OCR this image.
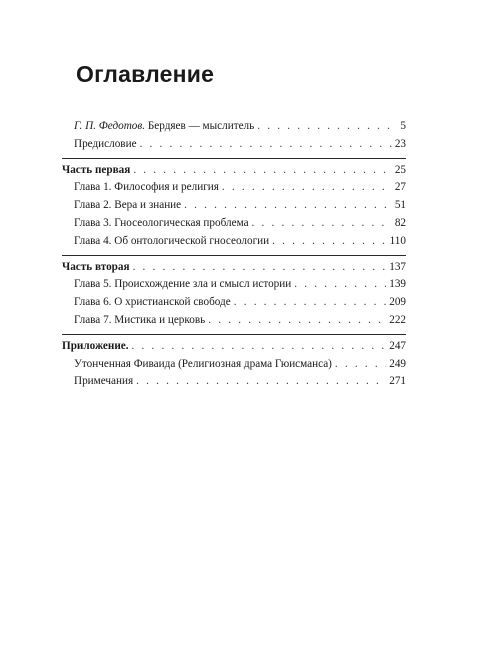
Оглавление
Г. П. Федотов. Бердяев — мыслитель . . .	5
Предисловие . . .	23
Часть первая . . .	25
Глава 1. Философия и религия . . .	27
Глава 2. Вера и знание . . .	51
Глава 3. Гносеологическая проблема . . .	82
Глава 4. Об онтологической гносеологии . . .	110
Часть вторая . . .	137
Глава 5. Происхождение зла и смысл истории . . .	139
Глава 6. О христианской свободе . . .	209
Глава 7. Мистика и церковь . . .	222
Приложение. . . .	247
Утонченная Фиваида (Религиозная драма Гюисманса) . . .	249
Примечания . . .	271
